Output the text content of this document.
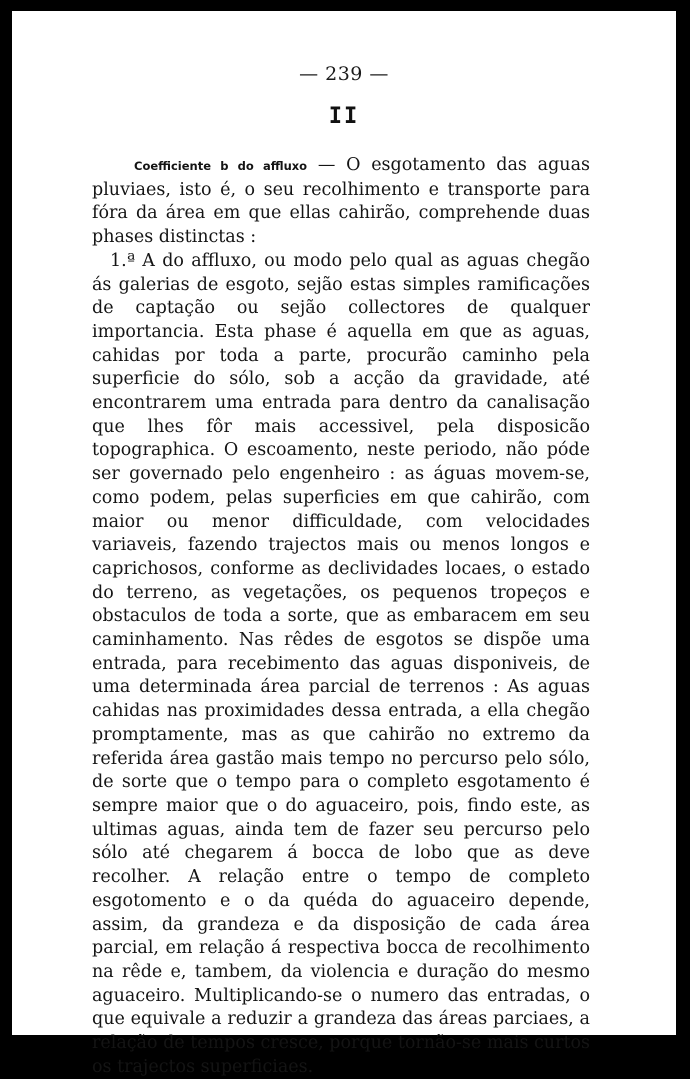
— 239 —
II

Coefficiente b do affluxo — O esgotamento das aguas pluviaes, isto é, o seu recolhimento e transporte para fóra da área em que ellas cahirão, comprehende duas phases distinctas :

1.ª A do affluxo, ou modo pelo qual as aguas chegão ás galerias de esgoto, sejão estas simples ramificações de captação ou sejão collectores de qualquer importancia. Esta phase é aquella em que as aguas, cahidas por toda a parte, procurão caminho pela superficie do sólo, sob a acção da gravidade, até encontrarem uma entrada para dentro da canalisação que lhes fôr mais accessivel, pela disposicão topographica. O escoamento, neste periodo, não póde ser governado pelo engenheiro : as águas movem-se, como podem, pelas superficies em que cahirão, com maior ou menor difficuldade, com velocidades variaveis, fazendo trajectos mais ou menos longos e caprichosos, conforme as declividades locaes, o estado do terreno, as vegetações, os pequenos tropeços e obstaculos de toda a sorte, que as embaracem em seu caminhamento. Nas rêdes de esgotos se dispõe uma entrada, para recebimento das aguas disponiveis, de uma determinada área parcial de terrenos : As aguas cahidas nas proximidades dessa entrada, a ella chegão promptamente, mas as que cahirão no extremo da referida área gastão mais tempo no percurso pelo sólo, de sorte que o tempo para o completo esgotamento é sempre maior que o do aguaceiro, pois, findo este, as ultimas aguas, ainda tem de fazer seu percurso pelo sólo até chegarem á bocca de lobo que as deve recolher. A relação entre o tempo de completo esgotomento e o da quéda do aguaceiro depende, assim, da grandeza e da disposição de cada área parcial, em relação á respectiva bocca de recolhimento na rêde e, tambem, da violencia e duração do mesmo aguaceiro. Multiplicando-se o numero das entradas, o que equivale a reduzir a grandeza das áreas parciaes, a relação de tempos cresce, porque tornão-se mais curtos os trajectos superficiaes.
